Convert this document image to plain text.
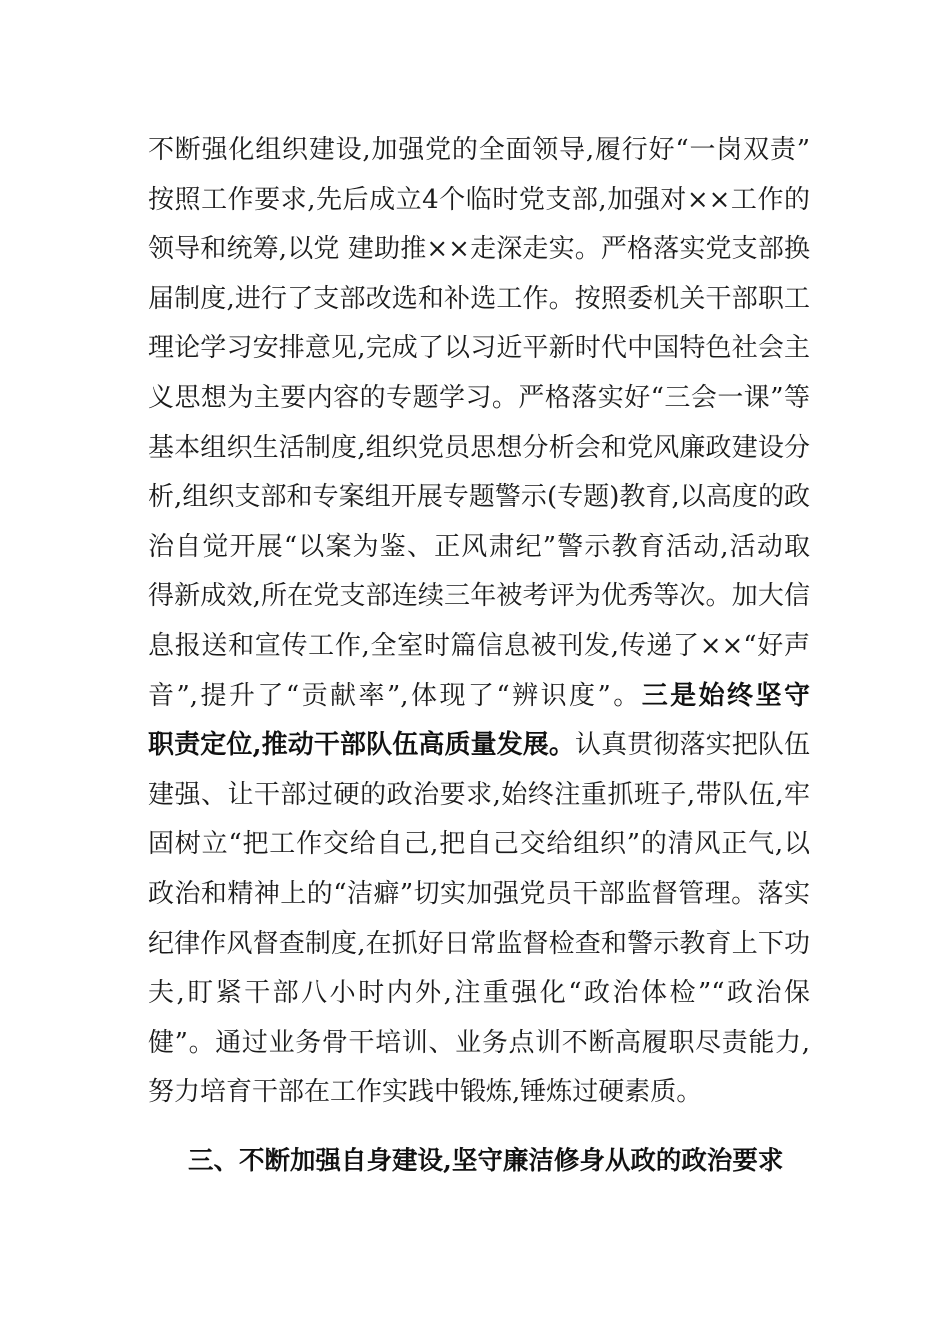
不断强化组织建设,加强党的全面领导,履行好“一岗双责”
按照工作要求,先后成立4个临时党支部,加强对××工作的
领导和统筹,以党 建助推××走深走实。严格落实党支部换
届制度,进行了支部改选和补选工作。按照委机关干部职工
理论学习安排意见,完成了以习近平新时代中国特色社会主
义思想为主要内容的专题学习。严格落实好“三会一课”等
基本组织生活制度,组织党员思想分析会和党风廉政建设分
析,组织支部和专案组开展专题警示(专题)教育,以高度的政
治自觉开展“以案为鉴、正风肃纪”警示教育活动,活动取
得新成效,所在党支部连续三年被考评为优秀等次。加大信
息报送和宣传工作,全室时篇信息被刊发,传递了××“好声
音”,提升了“贡献率”,体现了“辨识度”。三是始终坚守
职责定位,推动干部队伍高质量发展。认真贯彻落实把队伍
建强、让干部过硬的政治要求,始终注重抓班子,带队伍,牢
固树立“把工作交给自己,把自己交给组织”的清风正气,以
政治和精神上的“洁癖”切实加强党员干部监督管理。落实
纪律作风督查制度,在抓好日常监督检查和警示教育上下功
夫,盯紧干部八小时内外,注重强化“政治体检”“政治保
健”。通过业务骨干培训、业务点训不断高履职尽责能力,
努力培育干部在工作实践中锻炼,锤炼过硬素质。
三、不断加强自身建设,坚守廉洁修身从政的政治要求
